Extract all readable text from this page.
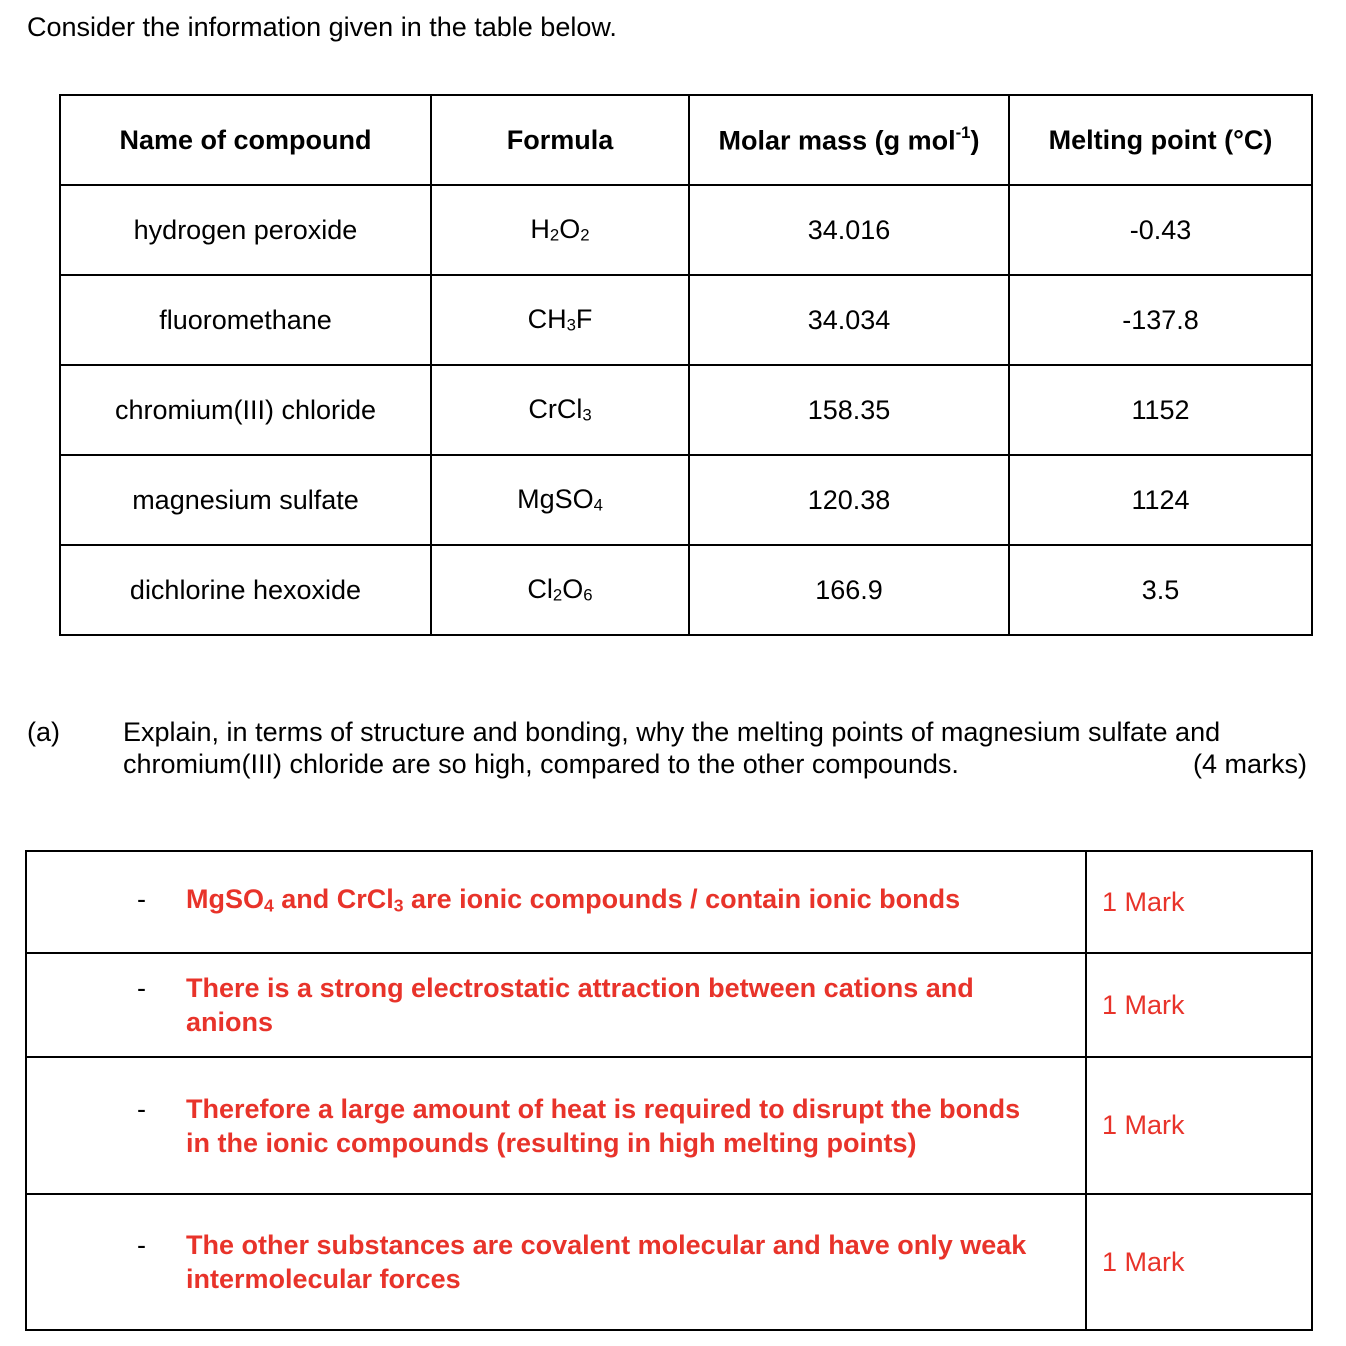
Consider the information given in the table below.
Name of compound	Formula	Molar mass (g mol$^{-1}$)	Melting point (°C)
hydrogen peroxide	$H_2O_2$	34.016	-0.43
fluoromethane	$CH_3F$	34.034	-137.8
chromium(III) chloride	CrCl$_3$	158.35	1152
magnesium sulfate	MgSO$_4$	120.38	1124
dichlorine hexoxide	$Cl_2O_6$	166.9	3.5
(a) Explain, in terms of structure and bonding, why the melting points of magnesium sulfate and chromium(III) chloride are so high, compared to the other compounds.	(4 marks)
- MgSO$_4$ and CrCl$_3$ are ionic compounds / contain ionic bonds	1 Mark

- There is a strong electrostatic attraction between cations and anions	1 Mark

- Therefore a large amount of heat is required to disrupt the bonds in the ionic compounds (resulting in high melting points)	1 Mark

- The other substances are covalent molecular and have only weak intermolecular forces	1 Mark
